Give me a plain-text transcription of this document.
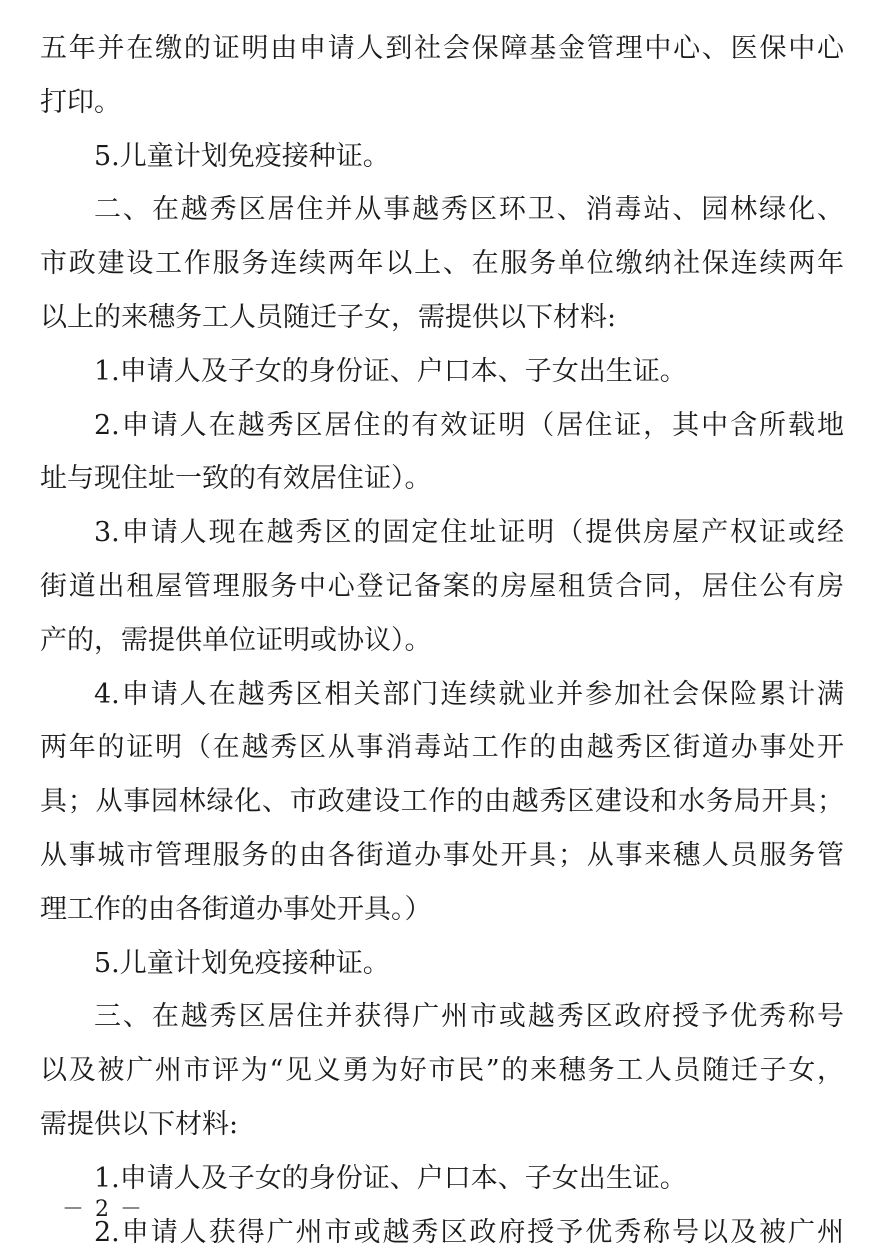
五年并在缴的证明由申请人到社会保障基金管理中心、医保中心
打印。
5.儿童计划免疫接种证。
二、在越秀区居住并从事越秀区环卫、消毒站、园林绿化、
市政建设工作服务连续两年以上、在服务单位缴纳社保连续两年
以上的来穗务工人员随迁子女，需提供以下材料:
1.申请人及子女的身份证、户口本、子女出生证。
2.申请人在越秀区居住的有效证明（居住证，其中含所载地
址与现住址一致的有效居住证）。
3.申请人现在越秀区的固定住址证明（提供房屋产权证或经
街道出租屋管理服务中心登记备案的房屋租赁合同，居住公有房
产的，需提供单位证明或协议）。
4.申请人在越秀区相关部门连续就业并参加社会保险累计满
两年的证明（在越秀区从事消毒站工作的由越秀区街道办事处开
具；从事园林绿化、市政建设工作的由越秀区建设和水务局开具；
从事城市管理服务的由各街道办事处开具；从事来穗人员服务管
理工作的由各街道办事处开具。）
5.儿童计划免疫接种证。
三、在越秀区居住并获得广州市或越秀区政府授予优秀称号
以及被广州市评为“见义勇为好市民”的来穗务工人员随迁子女，
需提供以下材料:
1.申请人及子女的身份证、户口本、子女出生证。
2.申请人获得广州市或越秀区政府授予优秀称号以及被广州
－ 2 －
